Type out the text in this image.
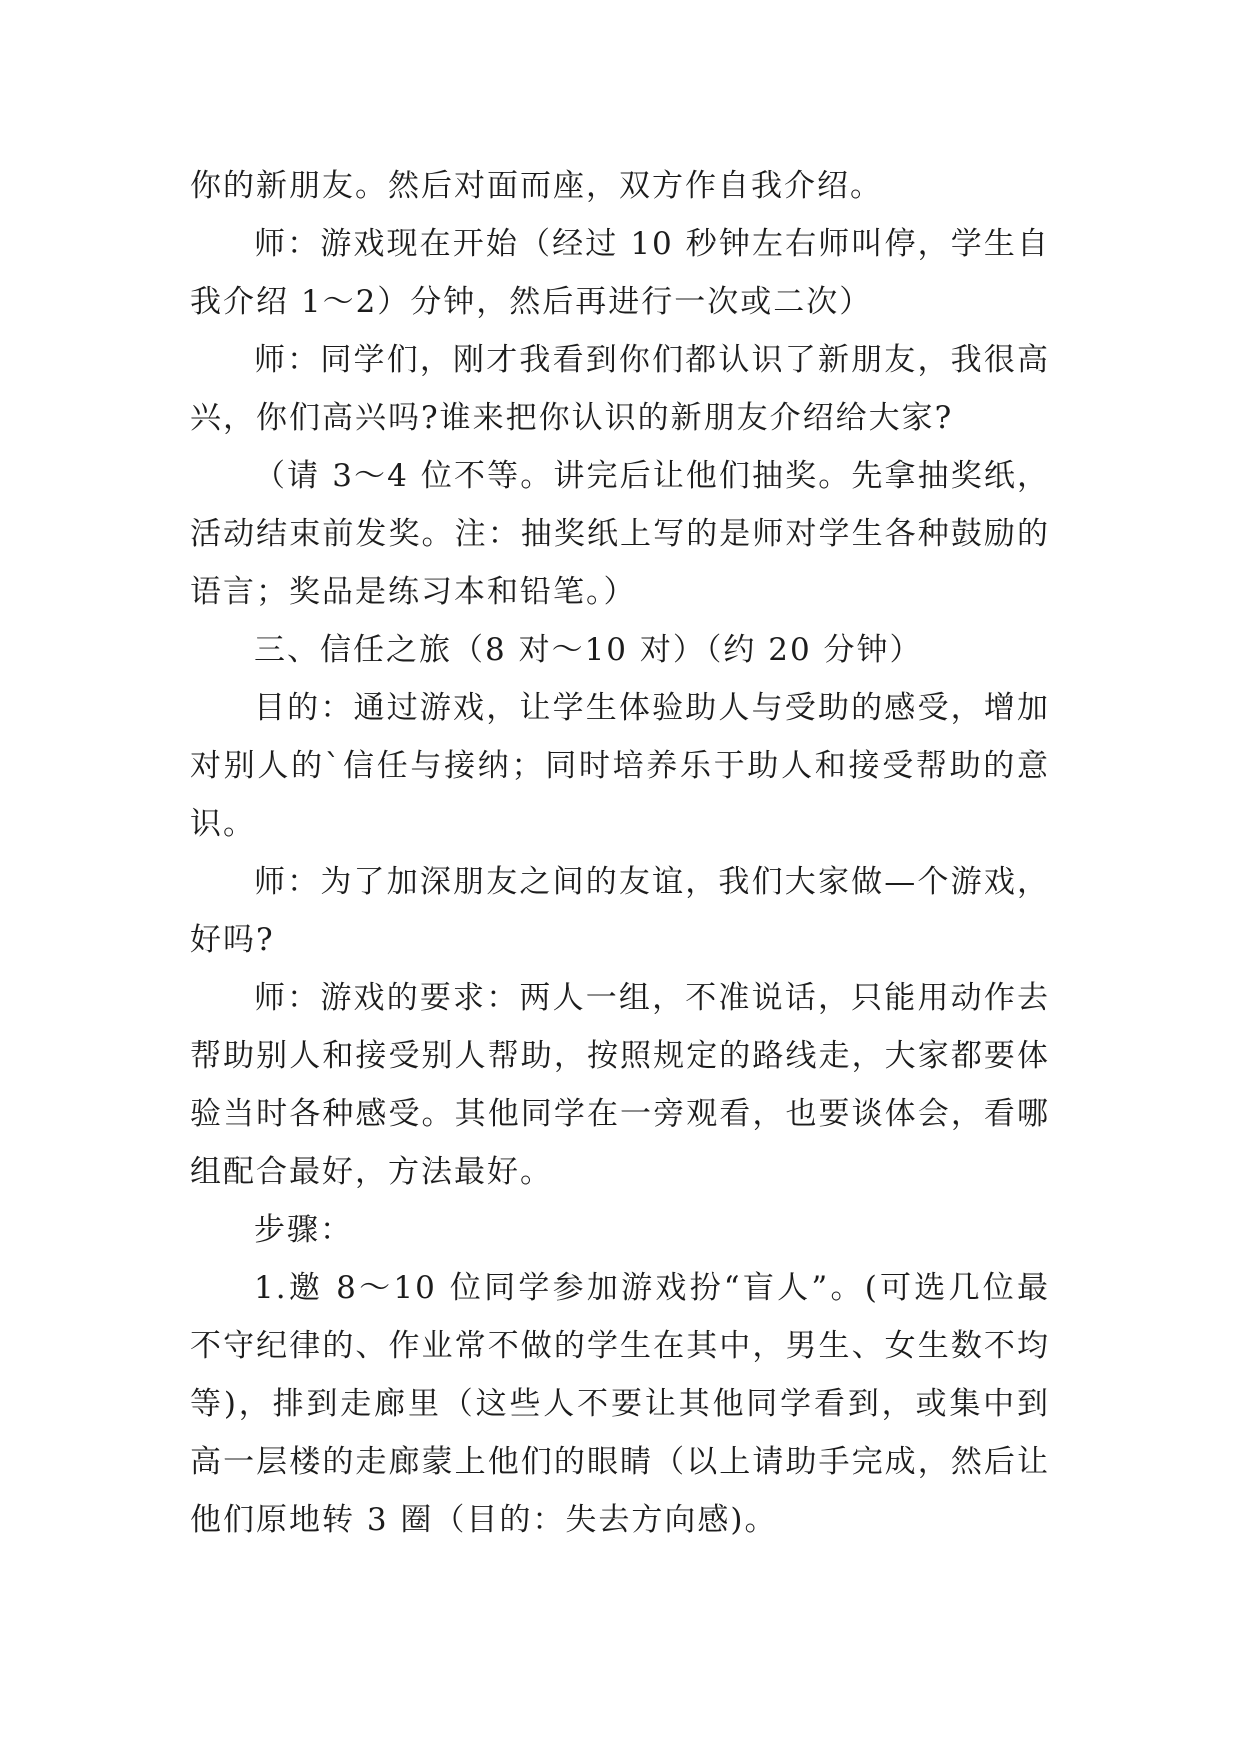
你的新朋友。然后对面而座，双方作自我介绍。

师：游戏现在开始（经过 10 秒钟左右师叫停，学生自我介绍 1～2）分钟，然后再进行一次或二次）

师：同学们，刚才我看到你们都认识了新朋友，我很高兴，你们高兴吗?谁来把你认识的新朋友介绍给大家?

（请 3～4 位不等。讲完后让他们抽奖。先拿抽奖纸，活动结束前发奖。注：抽奖纸上写的是师对学生各种鼓励的语言；奖品是练习本和铅笔。）

三、信任之旅（8 对～10 对）（约 20 分钟）

目的：通过游戏，让学生体验助人与受助的感受，增加对别人的`信任与接纳；同时培养乐于助人和接受帮助的意识。

师：为了加深朋友之间的友谊，我们大家做—个游戏，好吗?

师：游戏的要求：两人一组，不准说话，只能用动作去帮助别人和接受别人帮助，按照规定的路线走，大家都要体验当时各种感受。其他同学在一旁观看，也要谈体会，看哪组配合最好，方法最好。

步骤：

1.邀 8～10 位同学参加游戏扮“盲人”。(可选几位最不守纪律的、作业常不做的学生在其中，男生、女生数不均等)，排到走廊里（这些人不要让其他同学看到，或集中到高一层楼的走廊蒙上他们的眼睛（以上请助手完成，然后让他们原地转 3 圈（目的：失去方向感)。
